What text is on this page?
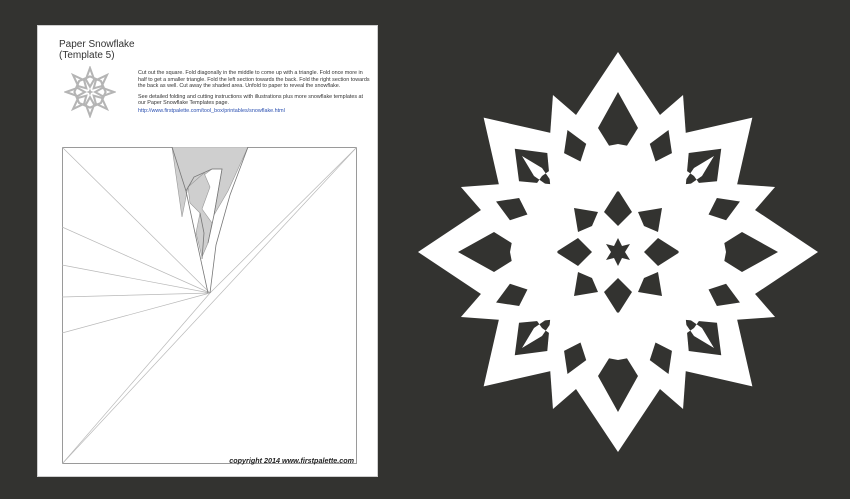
Paper Snowflake
(Template 5)

Cut out the square. Fold diagonally in the middle to come up with a triangle. Fold once more in half to get a smaller triangle. Fold the left section towards the back. Fold the right section towards the back as well. Cut away the shaded area. Unfold to paper to reveal the snowflake.

See detailed folding and cutting instructions with illustrations plus more snowflake templates at our Paper Snowflake Templates page.

http://www.firstpalette.com/tool_box/printables/snowflake.html

copyright 2014 www.firstpalette.com
